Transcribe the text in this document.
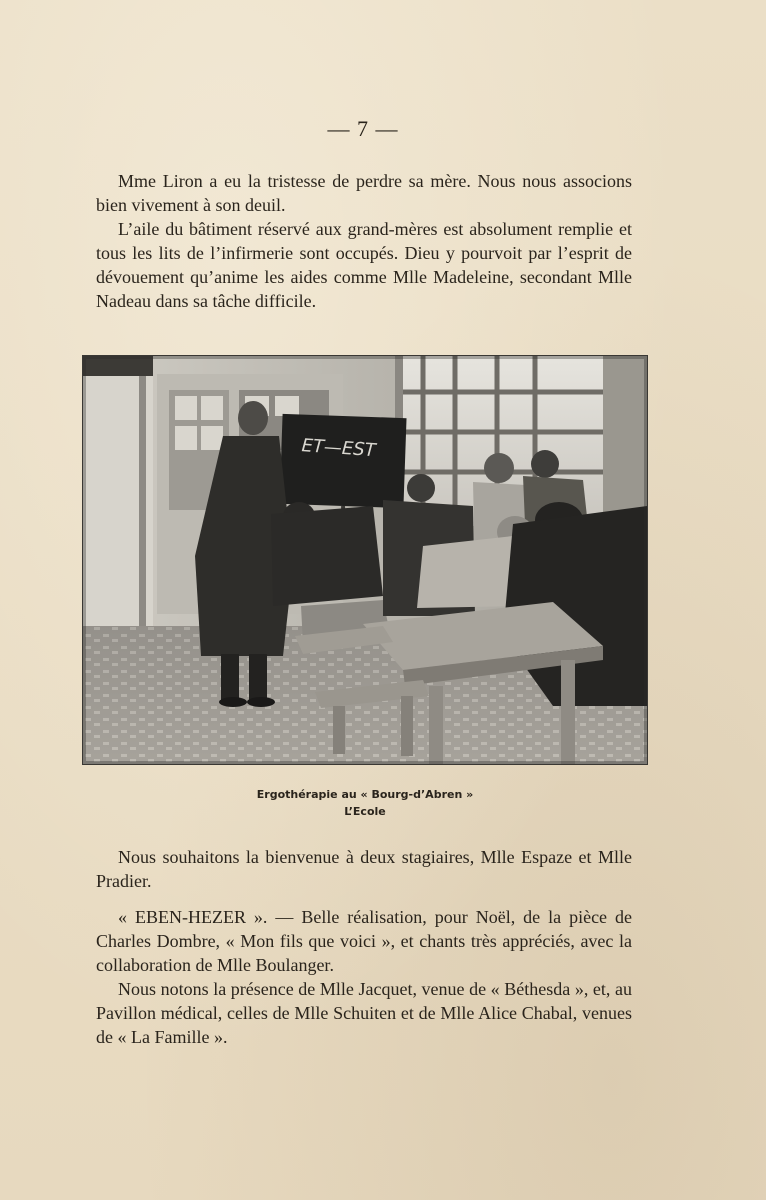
— 7 —

Mme Liron a eu la tristesse de perdre sa mère. Nous nous associons bien vivement à son deuil.

L’aile du bâtiment réservé aux grand-mères est absolument remplie et tous les lits de l’infirmerie sont occupés. Dieu y pourvoit par l’esprit de dévouement qu’anime les aides comme Mlle Madeleine, secondant Mlle Nadeau dans sa tâche difficile.

ET—EST
Ergothérapie au « Bourg-d’Abren »
L’Ecole

Nous souhaitons la bienvenue à deux stagiaires, Mlle Espaze et Mlle Pradier.

« EBEN-HEZER ». — Belle réalisation, pour Noël, de la pièce de Charles Dombre, « Mon fils que voici », et chants très appréciés, avec la collaboration de Mlle Boulanger.

Nous notons la présence de Mlle Jacquet, venue de « Béthesda », et, au Pavillon médical, celles de Mlle Schuiten et de Mlle Alice Chabal, venues de « La Famille ».
